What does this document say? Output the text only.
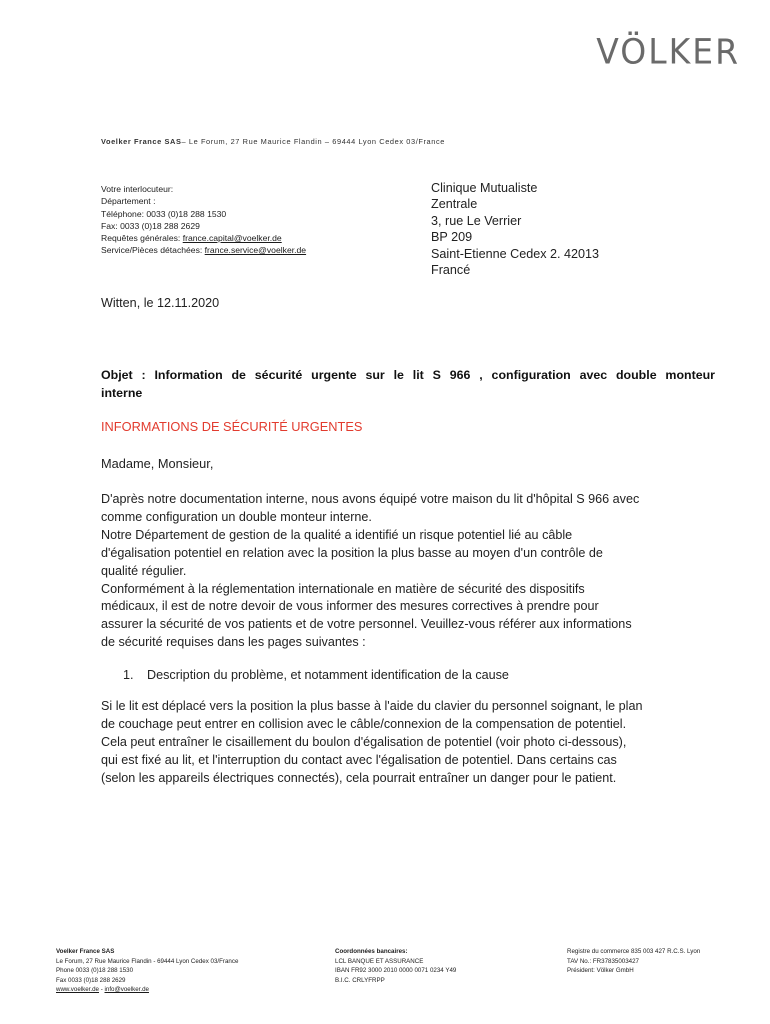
VÖLKER
Voelker France SAS– Le Forum, 27 Rue Maurice Flandin – 69444 Lyon Cedex 03/France
Votre interlocuteur:
Département :
Téléphone: 0033 (0)18 288 1530
Fax: 0033 (0)18 288 2629
Requêtes générales: france.capital@voelker.de
Service/Pièces détachées: france.service@voelker.de
Clinique Mutualiste
Zentrale
3, rue Le Verrier
BP 209
Saint-Etienne Cedex 2. 42013
Francé
Witten, le 12.11.2020
Objet : Information de sécurité urgente sur le lit S 966 , configuration avec double monteur
interne
INFORMATIONS DE SÉCURITÉ URGENTES
Madame, Monsieur,
D'après notre documentation interne, nous avons équipé votre maison du lit d'hôpital S 966 avec
comme configuration un double monteur interne.
Notre Département de gestion de la qualité a identifié un risque potentiel lié au câble
d'égalisation potentiel en relation avec la position la plus basse au moyen d'un contrôle de
qualité régulier.
Conformément à la réglementation internationale en matière de sécurité des dispositifs
médicaux, il est de notre devoir de vous informer des mesures correctives à prendre pour
assurer la sécurité de vos patients et de votre personnel. Veuillez-vous référer aux informations
de sécurité requises dans les pages suivantes :
1. Description du problème, et notamment identification de la cause
Si le lit est déplacé vers la position la plus basse à l'aide du clavier du personnel soignant, le plan
de couchage peut entrer en collision avec le câble/connexion de la compensation de potentiel.
Cela peut entraîner le cisaillement du boulon d'égalisation de potentiel (voir photo ci-dessous),
qui est fixé au lit, et l'interruption du contact avec l'égalisation de potentiel. Dans certains cas
(selon les appareils électriques connectés), cela pourrait entraîner un danger pour le patient.
Voelker France SAS
Le Forum, 27 Rue Maurice Flandin - 69444 Lyon Cedex 03/France
Phone 0033 (0)18 288 1530
Fax 0033 (0)18 288 2629
www.voelker.de - info@voelker.de
Coordonnées bancaires:
LCL BANQUE ET ASSURANCE
IBAN FR92 3000 2010 0000 0071 0234 Y49
B.I.C. CRLYFRPP
Registre du commerce 835 003 427 R.C.S. Lyon
TAV No.: FR37835003427
Président: Völker GmbH
